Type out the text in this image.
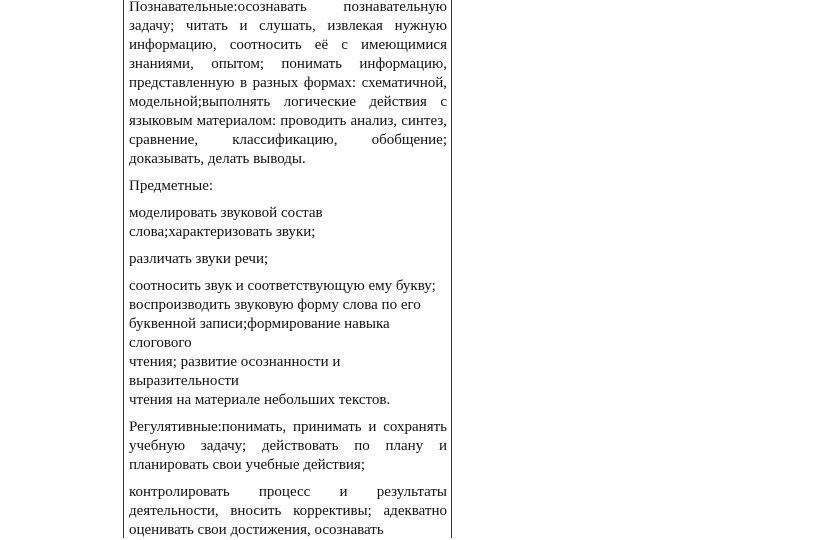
Познавательные:осознавать познавательную задачу; читать и слушать, извлекая нужную информацию, соотносить её с имеющимися знаниями, опытом; понимать информацию, представленную в разных формах: схематичной, модельной;выполнять логические действия с языковым материалом: проводить анализ, синтез, сравнение, классификацию, обобщение; доказывать, делать выводы.

Предметные:

моделировать звуковой состав
слова;характеризовать звуки;

различать звуки речи;

соотносить звук и соответствующую ему букву;
воспроизводить звуковую форму слова по его
буквенной записи;формирование навыка слогового
чтения; развитие осознанности и выразительности
чтения на материале небольших текстов.

Регулятивные:понимать, принимать и сохранять учебную задачу; действовать по плану и планировать свои учебные действия;

контролировать процесс и результаты деятельности, вносить коррективы; адекватно оценивать свои достижения, осознавать
